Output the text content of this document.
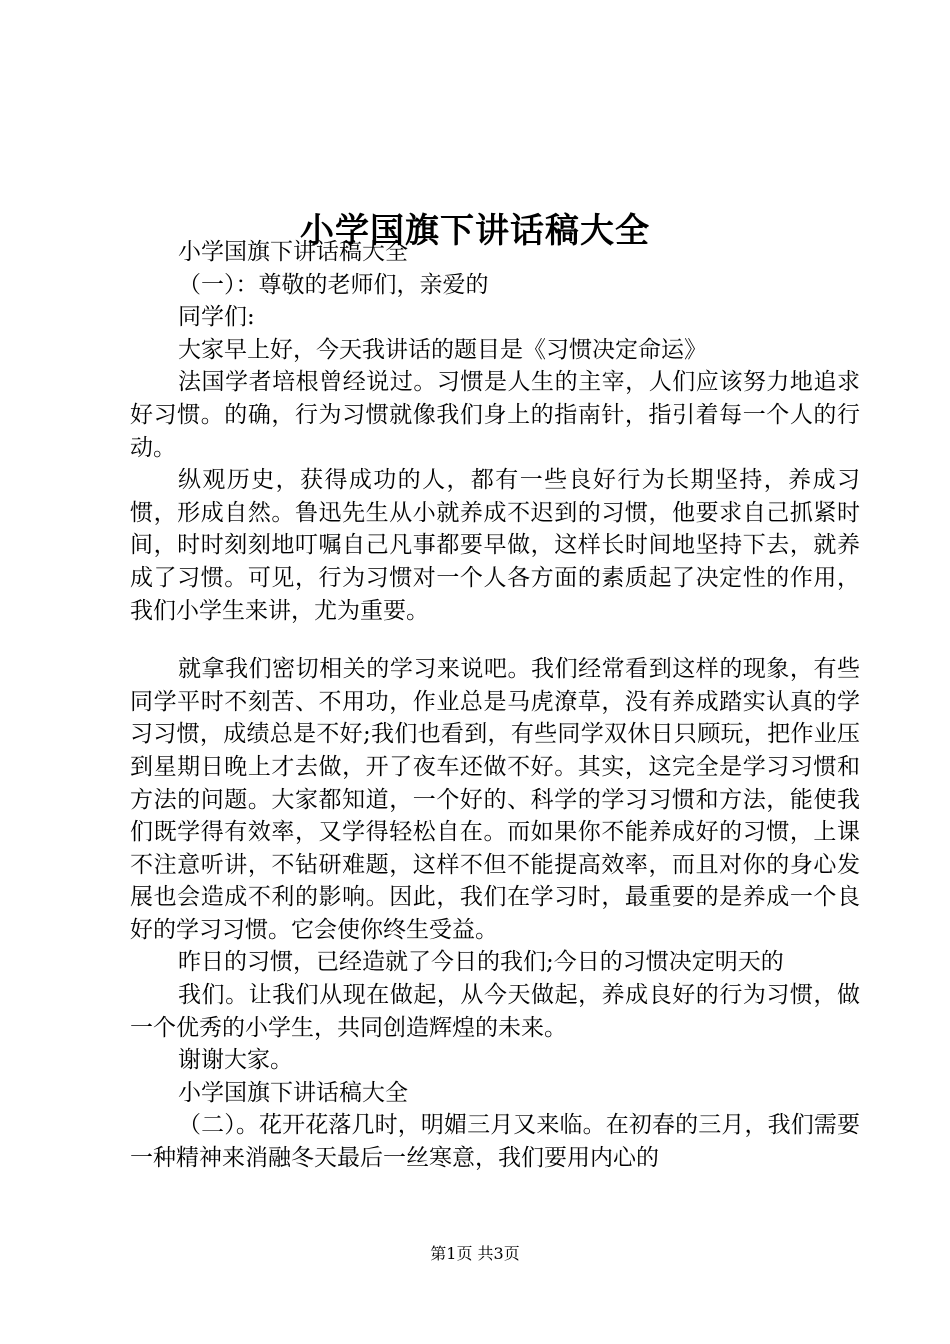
小学国旗下讲话稿大全

小学国旗下讲话稿大全

（一）：尊敬的老师们，亲爱的

同学们:

大家早上好，今天我讲话的题目是《习惯决定命运》

法国学者培根曾经说过。习惯是人生的主宰，人们应该努力地追求好习惯。的确，行为习惯就像我们身上的指南针，指引着每一个人的行动。

纵观历史，获得成功的人，都有一些良好行为长期坚持，养成习惯，形成自然。鲁迅先生从小就养成不迟到的习惯，他要求自己抓紧时间，时时刻刻地叮嘱自己凡事都要早做，这样长时间地坚持下去，就养成了习惯。可见，行为习惯对一个人各方面的素质起了决定性的作用，我们小学生来讲，尤为重要。

就拿我们密切相关的学习来说吧。我们经常看到这样的现象，有些同学平时不刻苦、不用功，作业总是马虎潦草，没有养成踏实认真的学习习惯，成绩总是不好;我们也看到，有些同学双休日只顾玩，把作业压到星期日晚上才去做，开了夜车还做不好。其实，这完全是学习习惯和方法的问题。大家都知道，一个好的、科学的学习习惯和方法，能使我们既学得有效率，又学得轻松自在。而如果你不能养成好的习惯，上课不注意听讲，不钻研难题，这样不但不能提高效率，而且对你的身心发展也会造成不利的影响。因此，我们在学习时，最重要的是养成一个良好的学习习惯。它会使你终生受益。

昨日的习惯，已经造就了今日的我们;今日的习惯决定明天的

我们。让我们从现在做起，从今天做起，养成良好的行为习惯，做一个优秀的小学生，共同创造辉煌的未来。

谢谢大家。

小学国旗下讲话稿大全

（二）。花开花落几时，明媚三月又来临。在初春的三月，我们需要一种精神来消融冬天最后一丝寒意，我们要用内心的

第1页 共3页
